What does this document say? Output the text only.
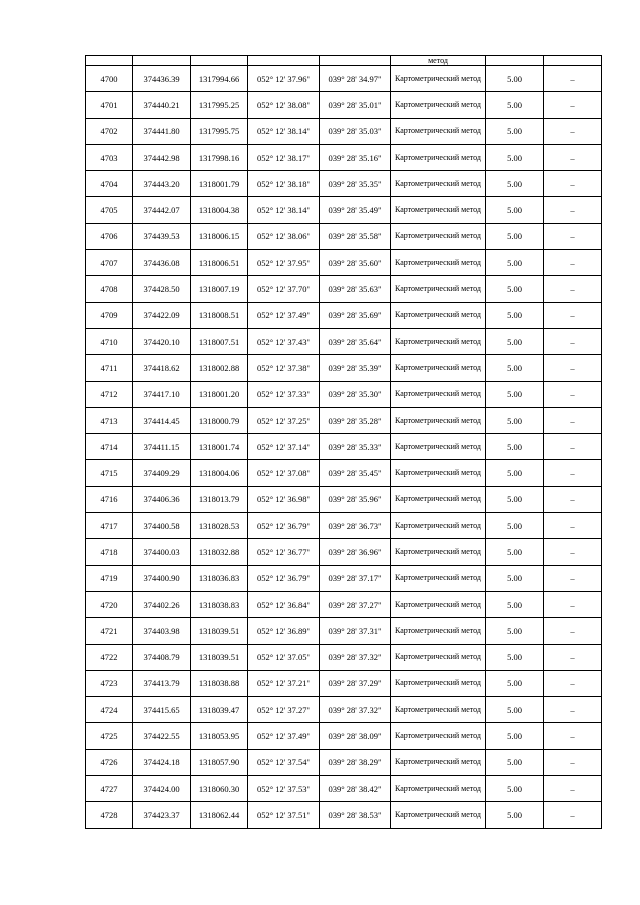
					метод		
4700	374436.39	1317994.66	052° 12' 37.96"	039° 28' 34.97"	Картометрический метод	5.00	–
4701	374440.21	1317995.25	052° 12' 38.08"	039° 28' 35.01"	Картометрический метод	5.00	–
4702	374441.80	1317995.75	052° 12' 38.14"	039° 28' 35.03"	Картометрический метод	5.00	–
4703	374442.98	1317998.16	052° 12' 38.17"	039° 28' 35.16"	Картометрический метод	5.00	–
4704	374443.20	1318001.79	052° 12' 38.18"	039° 28' 35.35"	Картометрический метод	5.00	–
4705	374442.07	1318004.38	052° 12' 38.14"	039° 28' 35.49"	Картометрический метод	5.00	–
4706	374439.53	1318006.15	052° 12' 38.06"	039° 28' 35.58"	Картометрический метод	5.00	–
4707	374436.08	1318006.51	052° 12' 37.95"	039° 28' 35.60"	Картометрический метод	5.00	–
4708	374428.50	1318007.19	052° 12' 37.70"	039° 28' 35.63"	Картометрический метод	5.00	–
4709	374422.09	1318008.51	052° 12' 37.49"	039° 28' 35.69"	Картометрический метод	5.00	–
4710	374420.10	1318007.51	052° 12' 37.43"	039° 28' 35.64"	Картометрический метод	5.00	–
4711	374418.62	1318002.88	052° 12' 37.38"	039° 28' 35.39"	Картометрический метод	5.00	–
4712	374417.10	1318001.20	052° 12' 37.33"	039° 28' 35.30"	Картометрический метод	5.00	–
4713	374414.45	1318000.79	052° 12' 37.25"	039° 28' 35.28"	Картометрический метод	5.00	–
4714	374411.15	1318001.74	052° 12' 37.14"	039° 28' 35.33"	Картометрический метод	5.00	–
4715	374409.29	1318004.06	052° 12' 37.08"	039° 28' 35.45"	Картометрический метод	5.00	–
4716	374406.36	1318013.79	052° 12' 36.98"	039° 28' 35.96"	Картометрический метод	5.00	–
4717	374400.58	1318028.53	052° 12' 36.79"	039° 28' 36.73"	Картометрический метод	5.00	–
4718	374400.03	1318032.88	052° 12' 36.77"	039° 28' 36.96"	Картометрический метод	5.00	–
4719	374400.90	1318036.83	052° 12' 36.79"	039° 28' 37.17"	Картометрический метод	5.00	–
4720	374402.26	1318038.83	052° 12' 36.84"	039° 28' 37.27"	Картометрический метод	5.00	–
4721	374403.98	1318039.51	052° 12' 36.89"	039° 28' 37.31"	Картометрический метод	5.00	–
4722	374408.79	1318039.51	052° 12' 37.05"	039° 28' 37.32"	Картометрический метод	5.00	–
4723	374413.79	1318038.88	052° 12' 37.21"	039° 28' 37.29"	Картометрический метод	5.00	–
4724	374415.65	1318039.47	052° 12' 37.27"	039° 28' 37.32"	Картометрический метод	5.00	–
4725	374422.55	1318053.95	052° 12' 37.49"	039° 28' 38.09"	Картометрический метод	5.00	–
4726	374424.18	1318057.90	052° 12' 37.54"	039° 28' 38.29"	Картометрический метод	5.00	–
4727	374424.00	1318060.30	052° 12' 37.53"	039° 28' 38.42"	Картометрический метод	5.00	–
4728	374423.37	1318062.44	052° 12' 37.51"	039° 28' 38.53"	Картометрический метод	5.00	–
